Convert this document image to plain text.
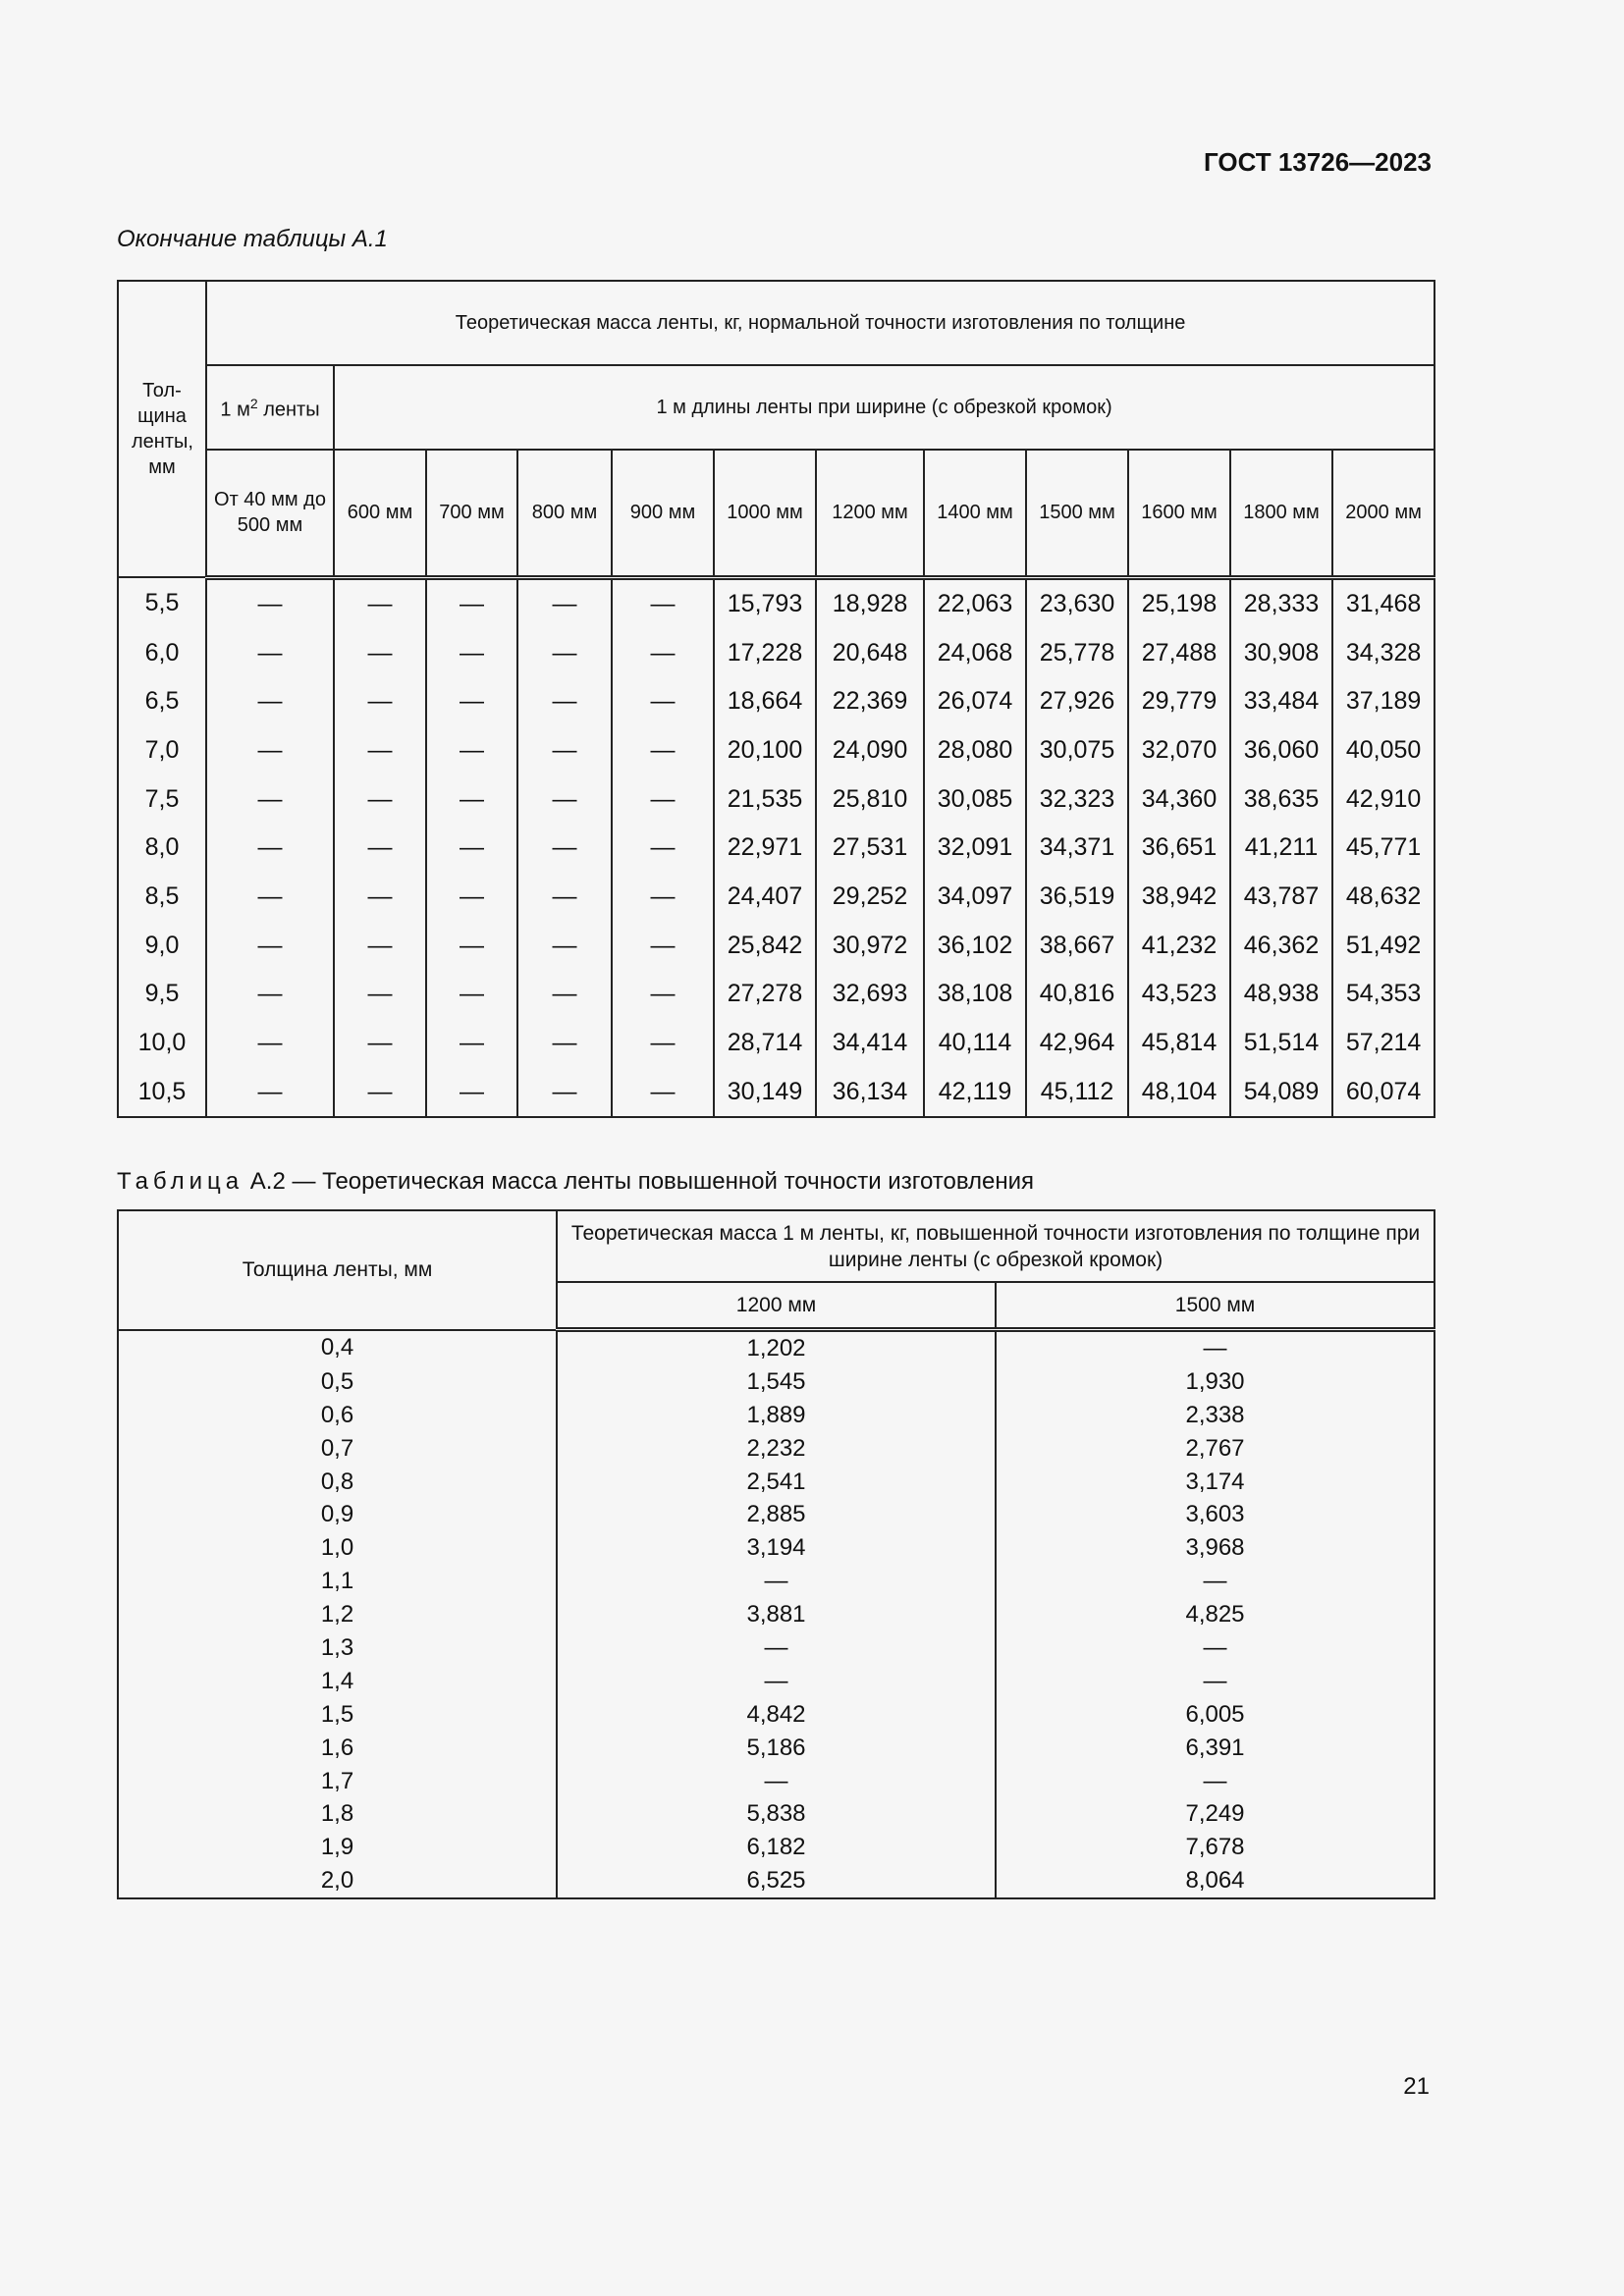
ГОСТ 13726—2023
Окончание таблицы А.1
Тол-щина ленты, мм	Теоретическая масса ленты, кг, нормальной точности изготовления по толщине											
	1 $м^2$ ленты	1 м длины ленты при ширине (с обрезкой кромок)										
	От 40 мм до 500 мм	600 мм	700 мм	800 мм	900 мм	1000 мм	1200 мм	1400 мм	1500 мм	1600 мм	1800 мм	2000 мм
5,5	—	—	—	—	—	15,793	18,928	22,063	23,630	25,198	28,333	31,468
6,0	—	—	—	—	—	17,228	20,648	24,068	25,778	27,488	30,908	34,328
6,5	—	—	—	—	—	18,664	22,369	26,074	27,926	29,779	33,484	37,189
7,0	—	—	—	—	—	20,100	24,090	28,080	30,075	32,070	36,060	40,050
7,5	—	—	—	—	—	21,535	25,810	30,085	32,323	34,360	38,635	42,910
8,0	—	—	—	—	—	22,971	27,531	32,091	34,371	36,651	41,211	45,771
8,5	—	—	—	—	—	24,407	29,252	34,097	36,519	38,942	43,787	48,632
9,0	—	—	—	—	—	25,842	30,972	36,102	38,667	41,232	46,362	51,492
9,5	—	—	—	—	—	27,278	32,693	38,108	40,816	43,523	48,938	54,353
10,0	—	—	—	—	—	28,714	34,414	40,114	42,964	45,814	51,514	57,214
10,5	—	—	—	—	—	30,149	36,134	42,119	45,112	48,104	54,089	60,074
Таблица А.2 — Теоретическая масса ленты повышенной точности изготовления
Толщина ленты, мм	Теоретическая масса 1 м ленты, кг, повышенной точности изготовления по толщине при ширине ленты (с обрезкой кромок)	
	1200 мм	1500 мм
0,4	1,202	—
0,5	1,545	1,930
0,6	1,889	2,338
0,7	2,232	2,767
0,8	2,541	3,174
0,9	2,885	3,603
1,0	3,194	3,968
1,1	—	—
1,2	3,881	4,825
1,3	—	—
1,4	—	—
1,5	4,842	6,005
1,6	5,186	6,391
1,7	—	—
1,8	5,838	7,249
1,9	6,182	7,678
2,0	6,525	8,064
21
